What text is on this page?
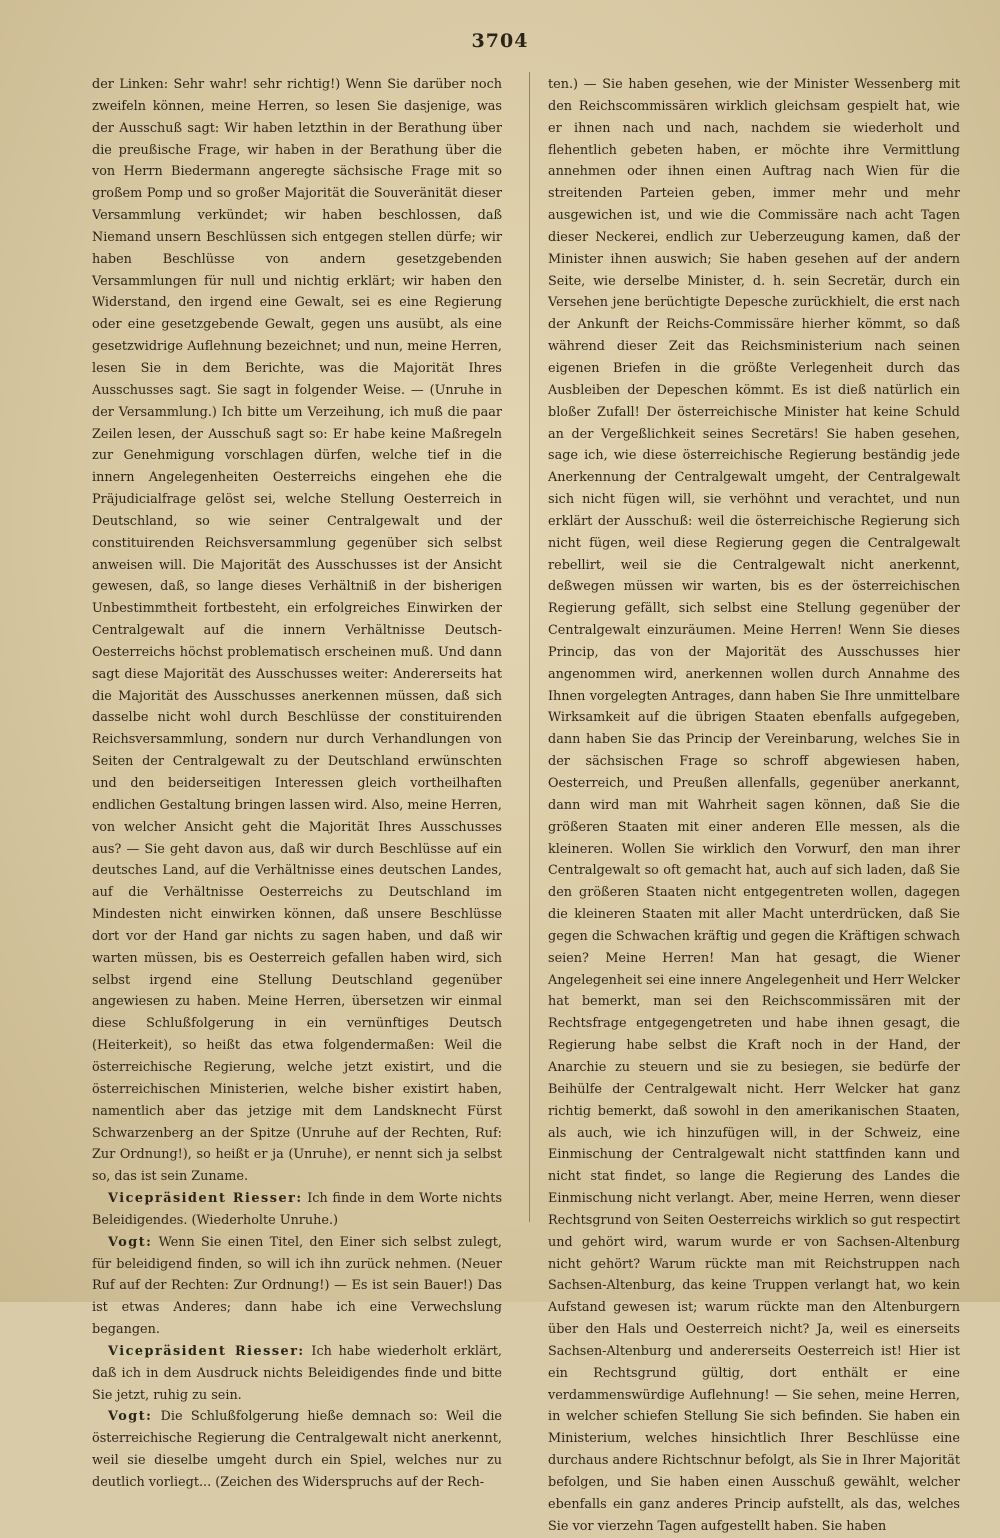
3704

der Linken: Sehr wahr! sehr richtig!) Wenn Sie darüber noch zweifeln können, meine Herren, so lesen Sie dasjenige, was der Ausschuß sagt: Wir haben letzthin in der Berathung über die preußische Frage, wir haben in der Berathung über die von Herrn Biedermann angeregte sächsische Frage mit so großem Pomp und so großer Majorität die Souveränität dieser Versammlung verkündet; wir haben beschlossen, daß Niemand unsern Beschlüssen sich entgegen stellen dürfe; wir haben Beschlüsse von andern gesetzgebenden Versammlungen für null und nichtig erklärt; wir haben den Widerstand, den irgend eine Gewalt, sei es eine Regierung oder eine gesetzgebende Gewalt, gegen uns ausübt, als eine gesetzwidrige Auflehnung bezeichnet; und nun, meine Herren, lesen Sie in dem Berichte, was die Majorität Ihres Ausschusses sagt. Sie sagt in folgender Weise. — (Unruhe in der Versammlung.) Ich bitte um Verzeihung, ich muß die paar Zeilen lesen, der Ausschuß sagt so: Er habe keine Maßregeln zur Genehmigung vorschlagen dürfen, welche tief in die innern Angelegenheiten Oesterreichs eingehen ehe die Präjudicialfrage gelöst sei, welche Stellung Oesterreich in Deutschland, so wie seiner Centralgewalt und der constituirenden Reichsversammlung gegenüber sich selbst anweisen will. Die Majorität des Ausschusses ist der Ansicht gewesen, daß, so lange dieses Verhältniß in der bisherigen Unbestimmtheit fortbesteht, ein erfolgreiches Einwirken der Centralgewalt auf die innern Verhältnisse Deutsch-Oesterreichs höchst problematisch erscheinen muß. Und dann sagt diese Majorität des Ausschusses weiter: Andererseits hat die Majorität des Ausschusses anerkennen müssen, daß sich dasselbe nicht wohl durch Beschlüsse der constituirenden Reichsversammlung, sondern nur durch Verhandlungen von Seiten der Centralgewalt zu der Deutschland erwünschten und den beiderseitigen Interessen gleich vortheilhaften endlichen Gestaltung bringen lassen wird. Also, meine Herren, von welcher Ansicht geht die Majorität Ihres Ausschusses aus? — Sie geht davon aus, daß wir durch Beschlüsse auf ein deutsches Land, auf die Verhältnisse eines deutschen Landes, auf die Verhältnisse Oesterreichs zu Deutschland im Mindesten nicht einwirken können, daß unsere Beschlüsse dort vor der Hand gar nichts zu sagen haben, und daß wir warten müssen, bis es Oesterreich gefallen haben wird, sich selbst irgend eine Stellung Deutschland gegenüber angewiesen zu haben. Meine Herren, übersetzen wir einmal diese Schlußfolgerung in ein vernünftiges Deutsch (Heiterkeit), so heißt das etwa folgendermaßen: Weil die österreichische Regierung, welche jetzt existirt, und die österreichischen Ministerien, welche bisher existirt haben, namentlich aber das jetzige mit dem Landsknecht Fürst Schwarzenberg an der Spitze (Unruhe auf der Rechten, Ruf: Zur Ordnung!), so heißt er ja (Unruhe), er nennt sich ja selbst so, das ist sein Zuname.

Vicepräsident Riesser: Ich finde in dem Worte nichts Beleidigendes. (Wiederholte Unruhe.)

Vogt: Wenn Sie einen Titel, den Einer sich selbst zulegt, für beleidigend finden, so will ich ihn zurück nehmen. (Neuer Ruf auf der Rechten: Zur Ordnung!) — Es ist sein Bauer!) Das ist etwas Anderes; dann habe ich eine Verwechslung begangen.

Vicepräsident Riesser: Ich habe wiederholt erklärt, daß ich in dem Ausdruck nichts Beleidigendes finde und bitte Sie jetzt, ruhig zu sein.

Vogt: Die Schlußfolgerung hieße demnach so: Weil die österreichische Regierung die Centralgewalt nicht anerkennt, weil sie dieselbe umgeht durch ein Spiel, welches nur zu deutlich vorliegt... (Zeichen des Widerspruchs auf der Rech-

ten.) — Sie haben gesehen, wie der Minister Wessenberg mit den Reichscommissären wirklich gleichsam gespielt hat, wie er ihnen nach und nach, nachdem sie wiederholt und flehentlich gebeten haben, er möchte ihre Vermittlung annehmen oder ihnen einen Auftrag nach Wien für die streitenden Parteien geben, immer mehr und mehr ausgewichen ist, und wie die Commissäre nach acht Tagen dieser Neckerei, endlich zur Ueberzeugung kamen, daß der Minister ihnen auswich; Sie haben gesehen auf der andern Seite, wie derselbe Minister, d. h. sein Secretär, durch ein Versehen jene berüchtigte Depesche zurückhielt, die erst nach der Ankunft der Reichs-Commissäre hierher kömmt, so daß während dieser Zeit das Reichsministerium nach seinen eigenen Briefen in die größte Verlegenheit durch das Ausbleiben der Depeschen kömmt. Es ist dieß natürlich ein bloßer Zufall! Der österreichische Minister hat keine Schuld an der Vergeßlichkeit seines Secretärs! Sie haben gesehen, sage ich, wie diese österreichische Regierung beständig jede Anerkennung der Centralgewalt umgeht, der Centralgewalt sich nicht fügen will, sie verhöhnt und verachtet, und nun erklärt der Ausschuß: weil die österreichische Regierung sich nicht fügen, weil diese Regierung gegen die Centralgewalt rebellirt, weil sie die Centralgewalt nicht anerkennt, deßwegen müssen wir warten, bis es der österreichischen Regierung gefällt, sich selbst eine Stellung gegenüber der Centralgewalt einzuräumen. Meine Herren! Wenn Sie dieses Princip, das von der Majorität des Ausschusses hier angenommen wird, anerkennen wollen durch Annahme des Ihnen vorgelegten Antrages, dann haben Sie Ihre unmittelbare Wirksamkeit auf die übrigen Staaten ebenfalls aufgegeben, dann haben Sie das Princip der Vereinbarung, welches Sie in der sächsischen Frage so schroff abgewiesen haben, Oesterreich, und Preußen allenfalls, gegenüber anerkannt, dann wird man mit Wahrheit sagen können, daß Sie die größeren Staaten mit einer anderen Elle messen, als die kleineren. Wollen Sie wirklich den Vorwurf, den man ihrer Centralgewalt so oft gemacht hat, auch auf sich laden, daß Sie den größeren Staaten nicht entgegentreten wollen, dagegen die kleineren Staaten mit aller Macht unterdrücken, daß Sie gegen die Schwachen kräftig und gegen die Kräftigen schwach seien? Meine Herren! Man hat gesagt, die Wiener Angelegenheit sei eine innere Angelegenheit und Herr Welcker hat bemerkt, man sei den Reichscommissären mit der Rechtsfrage entgegengetreten und habe ihnen gesagt, die Regierung habe selbst die Kraft noch in der Hand, der Anarchie zu steuern und sie zu besiegen, sie bedürfe der Beihülfe der Centralgewalt nicht. Herr Welcker hat ganz richtig bemerkt, daß sowohl in den amerikanischen Staaten, als auch, wie ich hinzufügen will, in der Schweiz, eine Einmischung der Centralgewalt nicht stattfinden kann und nicht stat findet, so lange die Regierung des Landes die Einmischung nicht verlangt. Aber, meine Herren, wenn dieser Rechtsgrund von Seiten Oesterreichs wirklich so gut respectirt und gehört wird, warum wurde er von Sachsen-Altenburg nicht gehört? Warum rückte man mit Reichstruppen nach Sachsen-Altenburg, das keine Truppen verlangt hat, wo kein Aufstand gewesen ist; warum rückte man den Altenburgern über den Hals und Oesterreich nicht? Ja, weil es einerseits Sachsen-Altenburg und andererseits Oesterreich ist! Hier ist ein Rechtsgrund gültig, dort enthält er eine verdammenswürdige Auflehnung! — Sie sehen, meine Herren, in welcher schiefen Stellung Sie sich befinden. Sie haben ein Ministerium, welches hinsichtlich Ihrer Beschlüsse eine durchaus andere Richtschnur befolgt, als Sie in Ihrer Majorität befolgen, und Sie haben einen Ausschuß gewählt, welcher ebenfalls ein ganz anderes Princip aufstellt, als das, welches Sie vor vierzehn Tagen aufgestellt haben. Sie haben
